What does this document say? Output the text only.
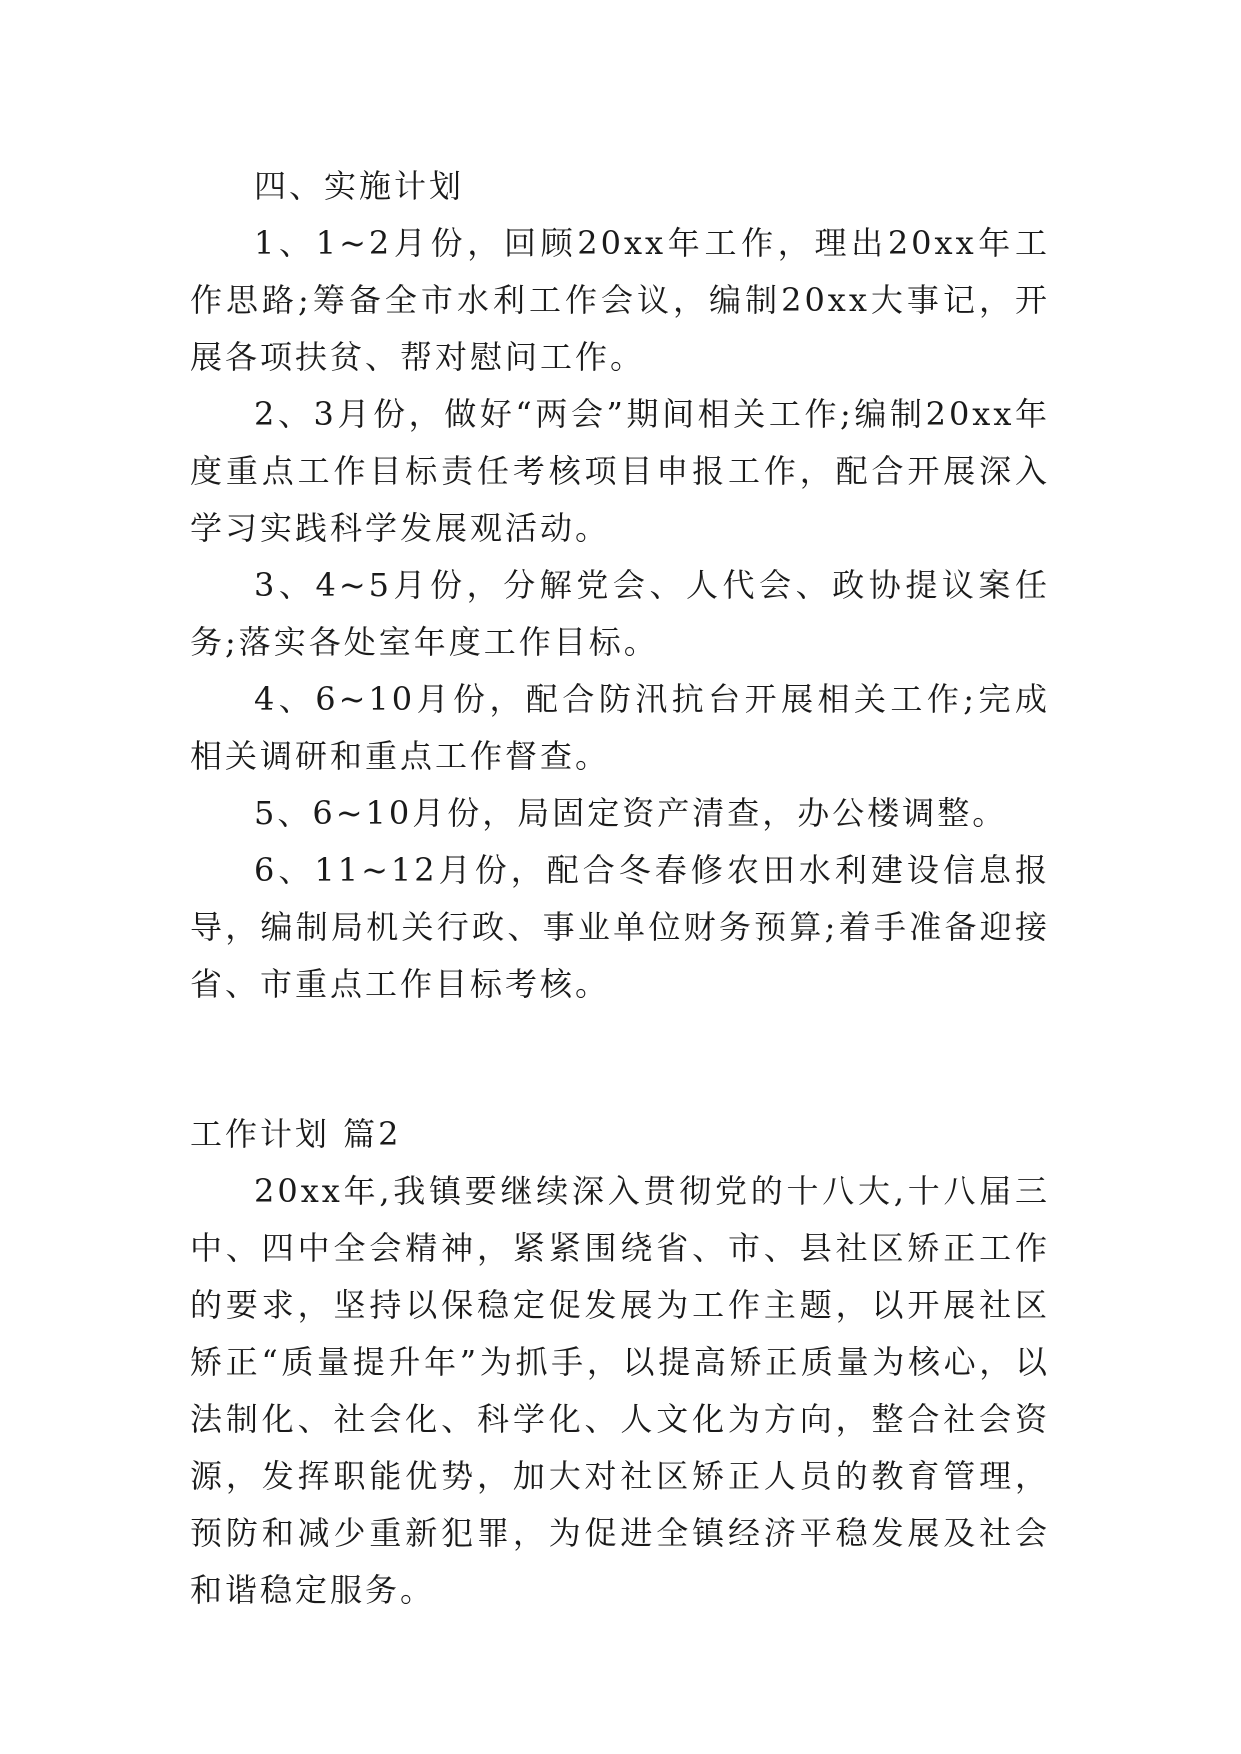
四、实施计划

1、1~2月份，回顾20xx年工作，理出20xx年工作思路;筹备全市水利工作会议，编制20xx大事记，开展各项扶贫、帮对慰问工作。

2、3月份，做好“两会”期间相关工作;编制20xx年度重点工作目标责任考核项目申报工作，配合开展深入学习实践科学发展观活动。

3、4~5月份，分解党会、人代会、政协提议案任务;落实各处室年度工作目标。

4、6~10月份，配合防汛抗台开展相关工作;完成相关调研和重点工作督查。

5、6~10月份，局固定资产清查，办公楼调整。

6、11~12月份，配合冬春修农田水利建设信息报导，编制局机关行政、事业单位财务预算;着手准备迎接省、市重点工作目标考核。

工作计划 篇2

20xx年,我镇要继续深入贯彻党的十八大,十八届三中、四中全会精神，紧紧围绕省、市、县社区矫正工作的要求，坚持以保稳定促发展为工作主题，以开展社区矫正“质量提升年”为抓手，以提高矫正质量为核心，以法制化、社会化、科学化、人文化为方向，整合社会资源，发挥职能优势，加大对社区矫正人员的教育管理，预防和减少重新犯罪，为促进全镇经济平稳发展及社会和谐稳定服务。
